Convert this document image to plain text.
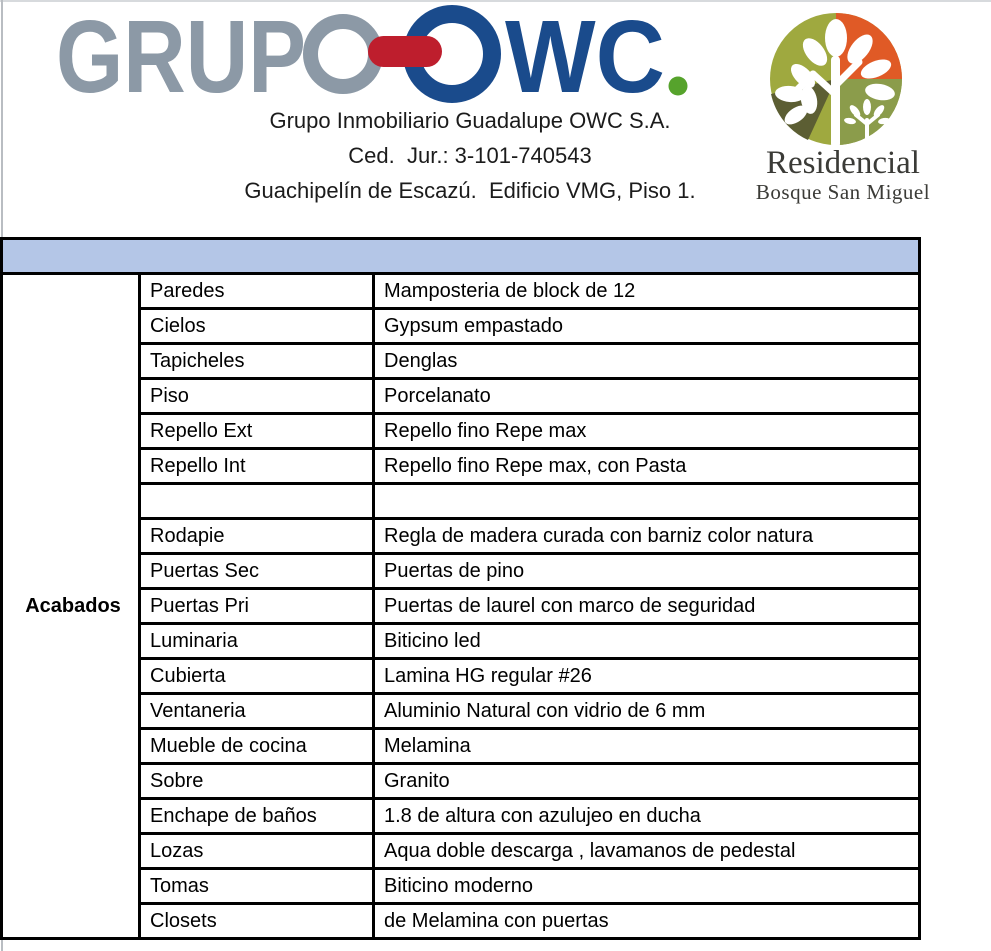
GRUP WC
Grupo Inmobiliario Guadalupe OWC S.A.
Ced.  Jur.: 3-101-740543
Guachipelín de Escazú.  Edificio VMG, Piso 1.
Residencial
Bosque San Miguel

Acabados	Paredes	Mamposteria de block de 12
	Cielos	Gypsum empastado
	Tapicheles	Denglas
	Piso	Porcelanato
	Repello Ext	Repello fino Repe max
	Repello Int	Repello fino Repe max, con Pasta

	Rodapie	Regla de madera curada con barniz color natura
	Puertas Sec	Puertas de pino
	Puertas Pri	Puertas de laurel con marco de seguridad
	Luminaria	Biticino led
	Cubierta	Lamina HG regular #26
	Ventaneria	Aluminio Natural con vidrio de 6 mm
	Mueble de cocina	Melamina
	Sobre	Granito
	Enchape de baños	1.8 de altura con azulujeo en ducha
	Lozas	Aqua doble descarga , lavamanos de pedestal
	Tomas	Biticino moderno
	Closets	de Melamina con puertas
